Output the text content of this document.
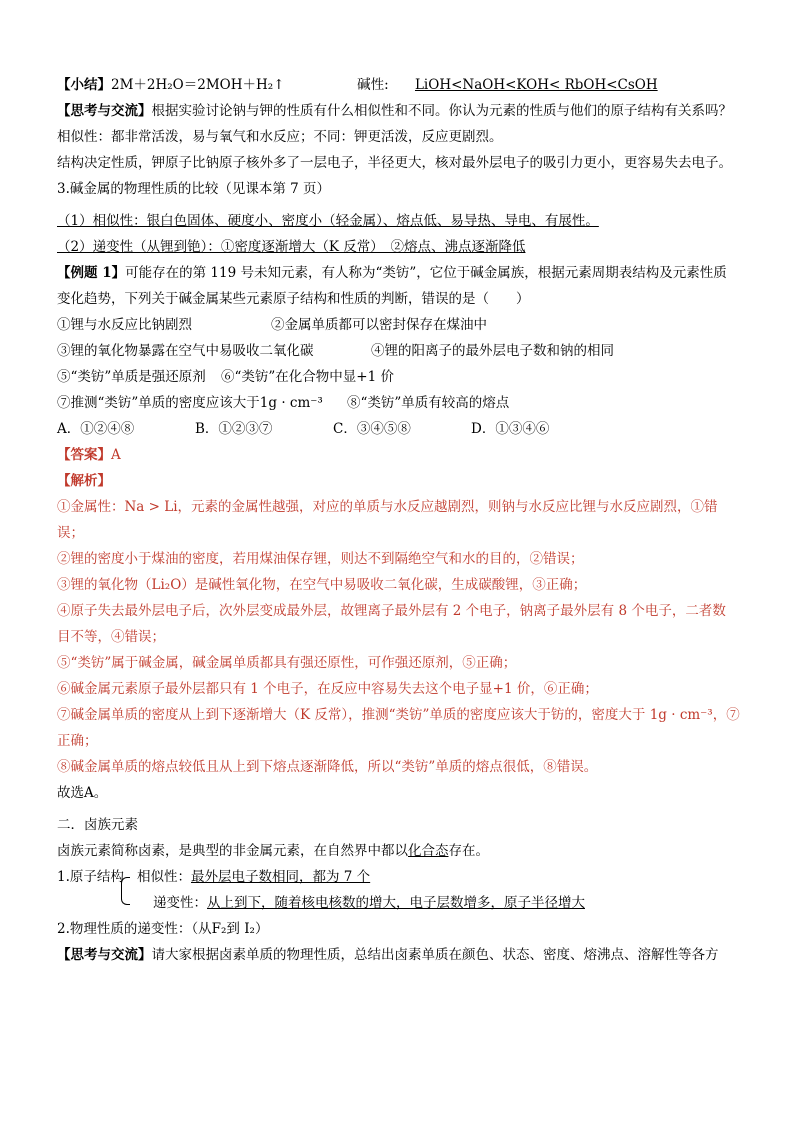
【小结】2M＋2H₂O＝2MOH＋H₂↑	碱性: LiOH<NaOH<KOH< RbOH<CsOH
【思考与交流】根据实验讨论钠与钾的性质有什么相似性和不同。你认为元素的性质与他们的原子结构有关系吗？
相似性：都非常活泼，易与氧气和水反应；不同：钾更活泼，反应更剧烈。
结构决定性质，钾原子比钠原子核外多了一层电子，半径更大，核对最外层电子的吸引力更小，更容易失去电子。
3.碱金属的物理性质的比较（见课本第 7 页）
（1）相似性：银白色固体、硬度小、密度小（轻金属）、熔点低、易导热、导电、有展性。
（2）递变性（从锂到铯）：①密度逐渐增大（K 反常）　②熔点、沸点逐渐降低
【例题 1】可能存在的第 119 号未知元素，有人称为“类钫”，它位于碱金属族，根据元素周期表结构及元素性质
变化趋势，下列关于碱金属某些元素原子结构和性质的判断，错误的是（　　）
①锂与水反应比钠剧烈	②金属单质都可以密封保存在煤油中
③锂的氧化物暴露在空气中易吸收二氧化碳	④锂的阳离子的最外层电子数和钠的相同
⑤“类钫”单质是强还原剂 ⑥“类钫”在化合物中显+1 价
⑦推测“类钫”单质的密度应该大于1g · cm⁻³ ⑧“类钫”单质有较高的熔点
A．①②④⑧	B．①②③⑦	C．③④⑤⑧	D．①③④⑥
【答案】A
【解析】
①金属性：Na > Li，元素的金属性越强，对应的单质与水反应越剧烈，则钠与水反应比锂与水反应剧烈，①错
误；
②锂的密度小于煤油的密度，若用煤油保存锂，则达不到隔绝空气和水的目的，②错误；
③锂的氧化物（Li₂O）是碱性氧化物，在空气中易吸收二氧化碳，生成碳酸锂，③正确；
④原子失去最外层电子后，次外层变成最外层，故锂离子最外层有 2 个电子，钠离子最外层有 8 个电子，二者数
目不等，④错误；
⑤“类钫”属于碱金属，碱金属单质都具有强还原性，可作强还原剂，⑤正确；
⑥碱金属元素原子最外层都只有 1 个电子，在反应中容易失去这个电子显+1 价，⑥正确；
⑦碱金属单质的密度从上到下逐渐增大（K 反常），推测“类钫”单质的密度应该大于钫的，密度大于 1g · cm⁻³，⑦
正确；
⑧碱金属单质的熔点较低且从上到下熔点逐渐降低，所以“类钫”单质的熔点很低，⑧错误。
故选A。
二．卤族元素
卤族元素简称卤素，是典型的非金属元素，在自然界中都以化合态存在。
1.原子结构 相似性：最外层电子数相同，都为 7 个
递变性：从上到下，随着核电核数的增大，电子层数增多，原子半径增大
2.物理性质的递变性：（从F₂到 I₂）
【思考与交流】请大家根据卤素单质的物理性质，总结出卤素单质在颜色、状态、密度、熔沸点、溶解性等各方
